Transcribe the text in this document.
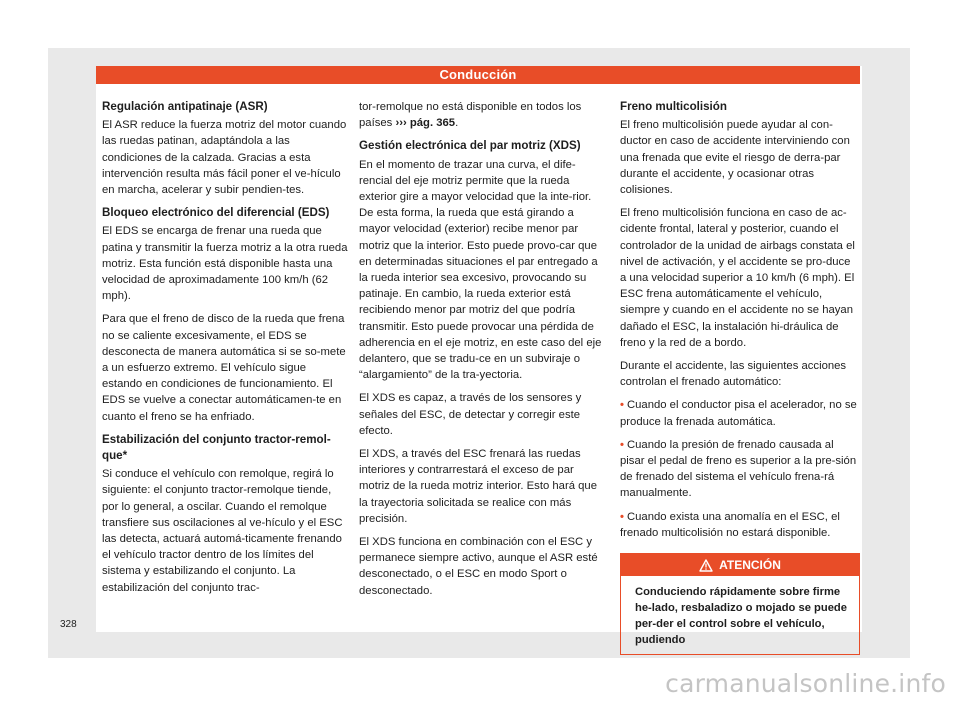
Conducción
Regulación antipatinaje (ASR)

El ASR reduce la fuerza motriz del motor cuando las ruedas patinan, adaptándola a las condiciones de la calzada. Gracias a esta intervención resulta más fácil poner el ve-hículo en marcha, acelerar y subir pendien-tes.

Bloqueo electrónico del diferencial (EDS)

El EDS se encarga de frenar una rueda que patina y transmitir la fuerza motriz a la otra rueda motriz. Esta función está disponible hasta una velocidad de aproximadamente 100 km/h (62 mph).

Para que el freno de disco de la rueda que frena no se caliente excesivamente, el EDS se desconecta de manera automática si se so-mete a un esfuerzo extremo. El vehículo sigue estando en condiciones de funcionamiento. El EDS se vuelve a conectar automáticamen-te en cuanto el freno se ha enfriado.

Estabilización del conjunto tractor-remol-que*

Si conduce el vehículo con remolque, regirá lo siguiente: el conjunto tractor-remolque tiende, por lo general, a oscilar. Cuando el remolque transfiere sus oscilaciones al ve-hículo y el ESC las detecta, actuará automá-ticamente frenando el vehículo tractor dentro de los límites del sistema y estabilizando el conjunto. La estabilización del conjunto trac-

tor-remolque no está disponible en todos los países ››› pág. 365.

Gestión electrónica del par motriz (XDS)

En el momento de trazar una curva, el dife-rencial del eje motriz permite que la rueda exterior gire a mayor velocidad que la inte-rior. De esta forma, la rueda que está girando a mayor velocidad (exterior) recibe menor par motriz que la interior. Esto puede provo-car que en determinadas situaciones el par entregado a la rueda interior sea excesivo, provocando su patinaje. En cambio, la rueda exterior está recibiendo menor par motriz del que podría transmitir. Esto puede provocar una pérdida de adherencia en el eje motriz, en este caso del eje delantero, que se tradu-ce en un subviraje o “alargamiento” de la tra-yectoria.

El XDS es capaz, a través de los sensores y señales del ESC, de detectar y corregir este efecto.

El XDS, a través del ESC frenará las ruedas interiores y contrarrestará el exceso de par motriz de la rueda motriz interior. Esto hará que la trayectoria solicitada se realice con más precisión.

El XDS funciona en combinación con el ESC y permanece siempre activo, aunque el ASR esté desconectado, o el ESC en modo Sport o desconectado.

Freno multicolisión

El freno multicolisión puede ayudar al con-ductor en caso de accidente interviniendo con una frenada que evite el riesgo de derra-par durante el accidente, y ocasionar otras colisiones.

El freno multicolisión funciona en caso de ac-cidente frontal, lateral y posterior, cuando el controlador de la unidad de airbags constata el nivel de activación, y el accidente se pro-duce a una velocidad superior a 10 km/h (6 mph). El ESC frena automáticamente el vehículo, siempre y cuando en el accidente no se hayan dañado el ESC, la instalación hi-dráulica de freno y la red de a bordo.

Durante el accidente, las siguientes acciones controlan el frenado automático:

• Cuando el conductor pisa el acelerador, no se produce la frenada automática.

• Cuando la presión de frenado causada al pisar el pedal de freno es superior a la pre-sión de frenado del sistema el vehículo frena-rá manualmente.

• Cuando exista una anomalía en el ESC, el frenado multicolisión no estará disponible.

ATENCIÓN
Conduciendo rápidamente sobre firme he-lado, resbaladizo o mojado se puede per-der el control sobre el vehículo, pudiendo
328
carmanualsonline.info
